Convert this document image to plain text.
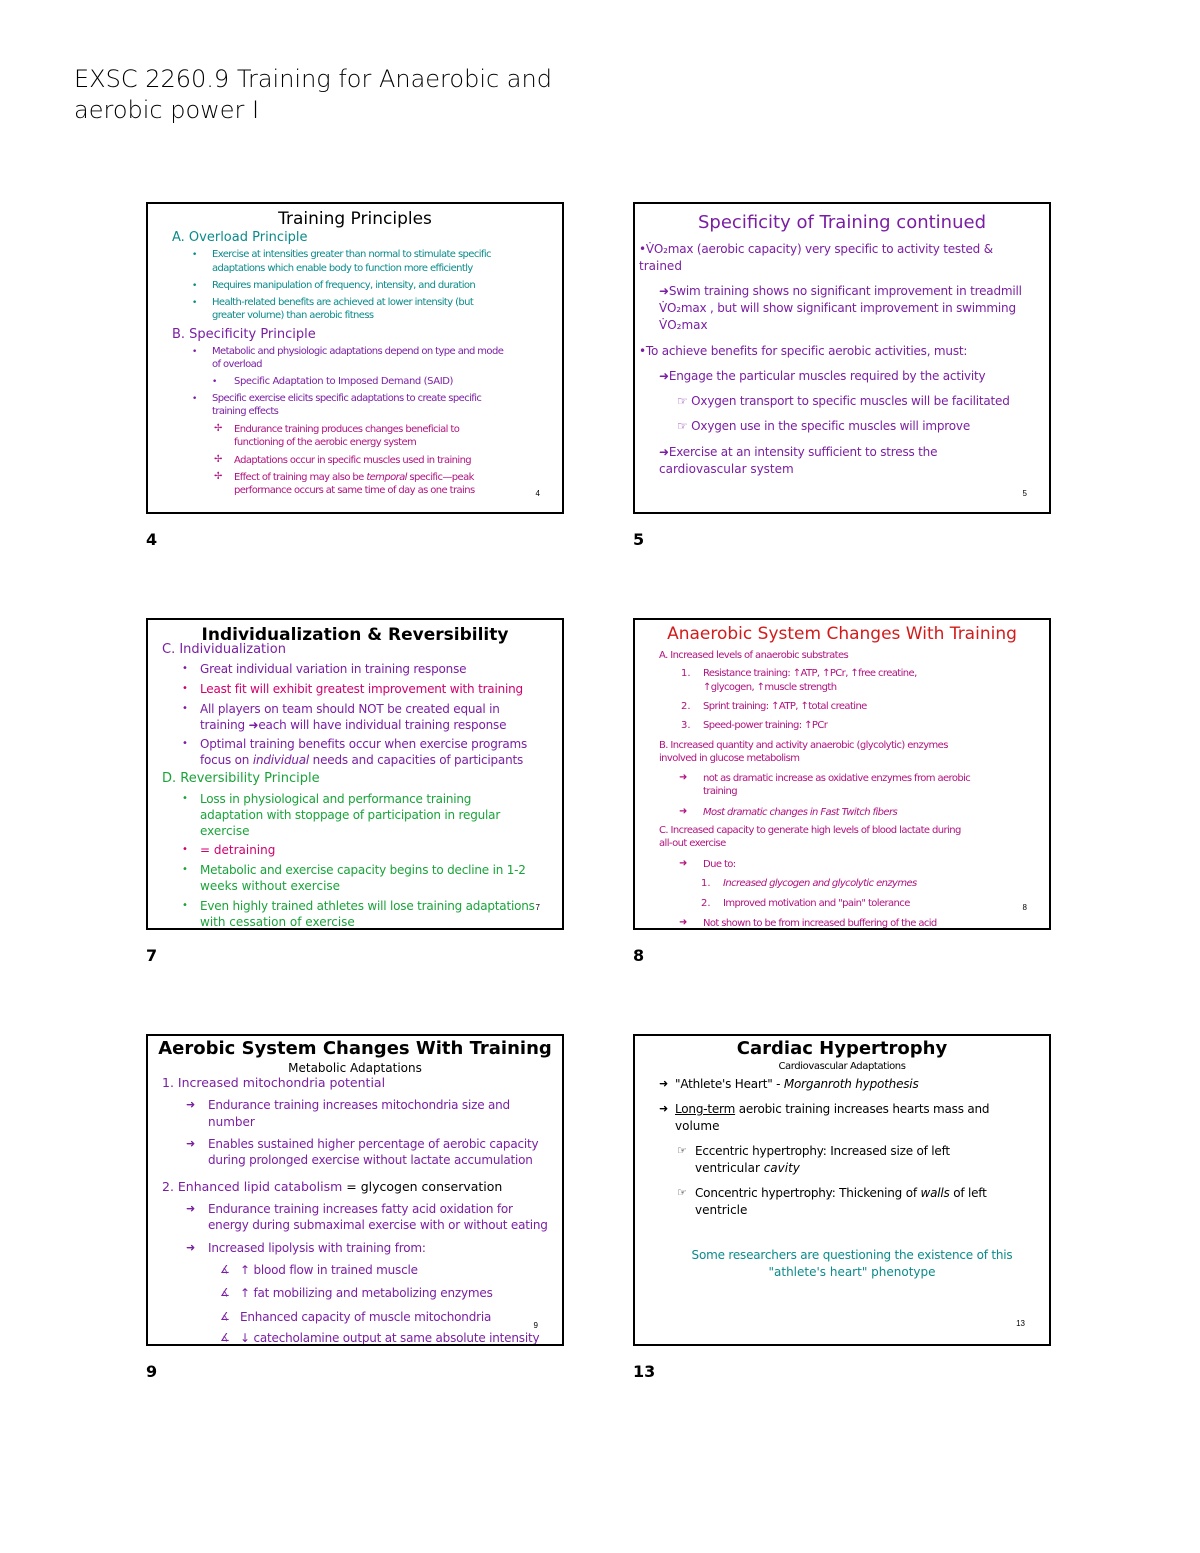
EXSC 2260.9 Training for Anaerobic and
aerobic power I
Training Principles
A. Overload Principle
• Exercise at intensities greater than normal to stimulate specific
adaptations which enable body to function more efficiently
• Requires manipulation of frequency, intensity, and duration
• Health-related benefits are achieved at lower intensity (but
greater volume) than aerobic fitness
B. Specificity Principle
• Metabolic and physiologic adaptations depend on type and mode
of overload
• Specific Adaptation to Imposed Demand (SAID)
• Specific exercise elicits specific adaptations to create specific
training effects
✢ Endurance training produces changes beneficial to
functioning of the aerobic energy system
✢ Adaptations occur in specific muscles used in training
✢ Effect of training may also be temporal specific—peak
performance occurs at same time of day as one trains	4
4
Specificity of Training continued
•V̇O₂max (aerobic capacity) very specific to activity tested &
trained
➜Swim training shows no significant improvement in treadmill
V̇O₂max , but will show significant improvement in swimming
V̇O₂max
•To achieve benefits for specific aerobic activities, must:
➜Engage the particular muscles required by the activity
☞ Oxygen transport to specific muscles will be facilitated
☞ Oxygen use in the specific muscles will improve
➜Exercise at an intensity sufficient to stress the
cardiovascular system
5
5
Individualization & Reversibility
C. Individualization
• Great individual variation in training response
• Least fit will exhibit greatest improvement with training
• All players on team should NOT be created equal in
training ➜each will have individual training response
• Optimal training benefits occur when exercise programs
focus on individual needs and capacities of participants
D. Reversibility Principle
• Loss in physiological and performance training
adaptation with stoppage of participation in regular
exercise
• = detraining
• Metabolic and exercise capacity begins to decline in 1-2
weeks without exercise
• Even highly trained athletes will lose training adaptations
with cessation of exercise
7
7
Anaerobic System Changes With Training
A. Increased levels of anaerobic substrates
1. Resistance training: ↑ATP, ↑PCr, ↑free creatine,
↑glycogen, ↑muscle strength
2. Sprint training: ↑ATP, ↑total creatine
3. Speed-power training: ↑PCr
B. Increased quantity and activity anaerobic (glycolytic) enzymes
involved in glucose metabolism
➜ not as dramatic increase as oxidative enzymes from aerobic
training
➜ Most dramatic changes in Fast Twitch fibers
C. Increased capacity to generate high levels of blood lactate during
all-out exercise
➜ Due to:
1. Increased glycogen and glycolytic enzymes
2. Improved motivation and "pain" tolerance
➜ Not shown to be from increased buffering of the acid
8
8
Aerobic System Changes With Training
Metabolic Adaptations
1. Increased mitochondria potential
➜ Endurance training increases mitochondria size and
number
➜ Enables sustained higher percentage of aerobic capacity
during prolonged exercise without lactate accumulation
2. Enhanced lipid catabolism = glycogen conservation
➜ Endurance training increases fatty acid oxidation for
energy during submaximal exercise with or without eating
➜ Increased lipolysis with training from:
∡ ↑ blood flow in trained muscle
∡ ↑ fat mobilizing and metabolizing enzymes
∡ Enhanced capacity of muscle mitochondria
∡ ↓ catecholamine output at same absolute intensity
9
9
Cardiac Hypertrophy
Cardiovascular Adaptations
➜ "Athlete's Heart" - Morganroth hypothesis
➜ Long-term aerobic training increases hearts mass and
volume
☞ Eccentric hypertrophy: Increased size of left
ventricular cavity
☞ Concentric hypertrophy: Thickening of walls of left
ventricle
Some researchers are questioning the existence of this
"athlete's heart" phenotype
13
13
